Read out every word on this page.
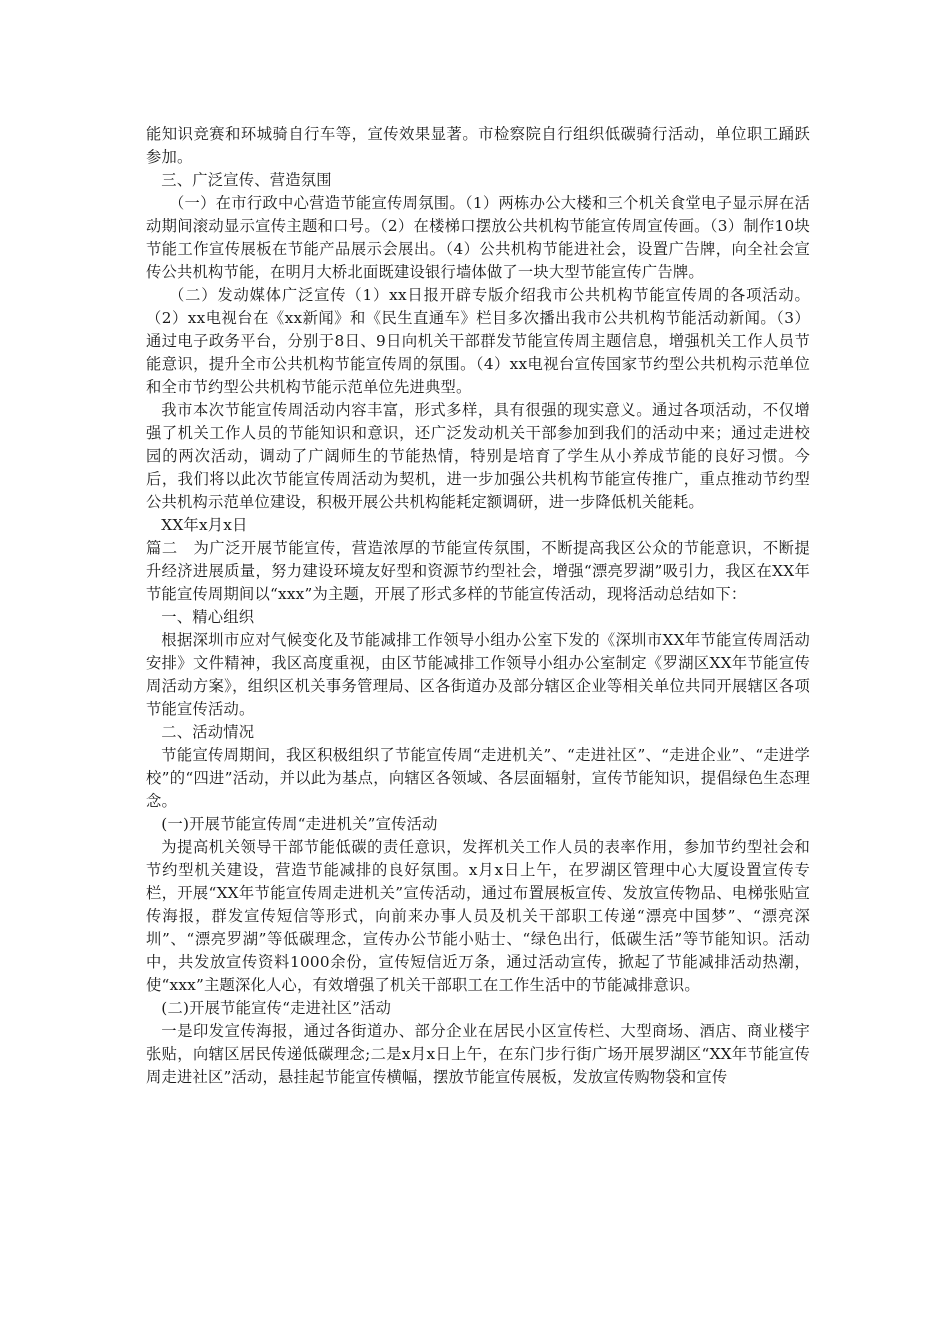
能知识竞赛和环城骑自行车等，宣传效果显著。市检察院自行组织低碳骑行活动，单位职工踊跃参加。

三、广泛宣传、营造氛围

（一）在市行政中心营造节能宣传周氛围。（1）两栋办公大楼和三个机关食堂电子显示屏在活动期间滚动显示宣传主题和口号。（2）在楼梯口摆放公共机构节能宣传周宣传画。（3）制作10块节能工作宣传展板在节能产品展示会展出。（4）公共机构节能进社会，设置广告牌，向全社会宣传公共机构节能，在明月大桥北面既建设银行墙体做了一块大型节能宣传广告牌。

（二）发动媒体广泛宣传（1）xx日报开辟专版介绍我市公共机构节能宣传周的各项活动。（2）xx电视台在《xx新闻》和《民生直通车》栏目多次播出我市公共机构节能活动新闻。（3）通过电子政务平台，分别于8日、9日向机关干部群发节能宣传周主题信息，增强机关工作人员节能意识，提升全市公共机构节能宣传周的氛围。（4）xx电视台宣传国家节约型公共机构示范单位和全市节约型公共机构节能示范单位先进典型。

我市本次节能宣传周活动内容丰富，形式多样，具有很强的现实意义。通过各项活动，不仅增强了机关工作人员的节能知识和意识，还广泛发动机关干部参加到我们的活动中来；通过走进校园的两次活动，调动了广阔师生的节能热情，特别是培育了学生从小养成节能的良好习惯。今后，我们将以此次节能宣传周活动为契机，进一步加强公共机构节能宣传推广，重点推动节约型公共机构示范单位建设，积极开展公共机构能耗定额调研，进一步降低机关能耗。

XX年x月x日

篇二　为广泛开展节能宣传，营造浓厚的节能宣传氛围，不断提高我区公众的节能意识，不断提升经济进展质量，努力建设环境友好型和资源节约型社会，增强“漂亮罗湖”吸引力，我区在XX年节能宣传周期间以“xxx”为主题，开展了形式多样的节能宣传活动，现将活动总结如下：

一、精心组织

根据深圳市应对气候变化及节能减排工作领导小组办公室下发的《深圳市XX年节能宣传周活动安排》文件精神，我区高度重视，由区节能减排工作领导小组办公室制定《罗湖区XX年节能宣传周活动方案》，组织区机关事务管理局、区各街道办及部分辖区企业等相关单位共同开展辖区各项节能宣传活动。

二、活动情况

节能宣传周期间，我区积极组织了节能宣传周“走进机关”、“走进社区”、“走进企业”、“走进学校”的“四进”活动，并以此为基点，向辖区各领域、各层面辐射，宣传节能知识，提倡绿色生态理念。

(一)开展节能宣传周“走进机关”宣传活动

为提高机关领导干部节能低碳的责任意识，发挥机关工作人员的表率作用，参加节约型社会和节约型机关建设，营造节能减排的良好氛围。x月x日上午，在罗湖区管理中心大厦设置宣传专栏，开展“XX年节能宣传周走进机关”宣传活动，通过布置展板宣传、发放宣传物品、电梯张贴宣传海报，群发宣传短信等形式，向前来办事人员及机关干部职工传递“漂亮中国梦”、“漂亮深圳”、“漂亮罗湖”等低碳理念，宣传办公节能小贴士、“绿色出行，低碳生活”等节能知识。活动中，共发放宣传资料1000余份，宣传短信近万条，通过活动宣传，掀起了节能减排活动热潮，使“xxx”主题深化人心，有效增强了机关干部职工在工作生活中的节能减排意识。

(二)开展节能宣传“走进社区”活动

一是印发宣传海报，通过各街道办、部分企业在居民小区宣传栏、大型商场、酒店、商业楼宇张贴，向辖区居民传递低碳理念;二是x月x日上午，在东门步行街广场开展罗湖区“XX年节能宣传周走进社区”活动，悬挂起节能宣传横幅，摆放节能宣传展板，发放宣传购物袋和宣传
